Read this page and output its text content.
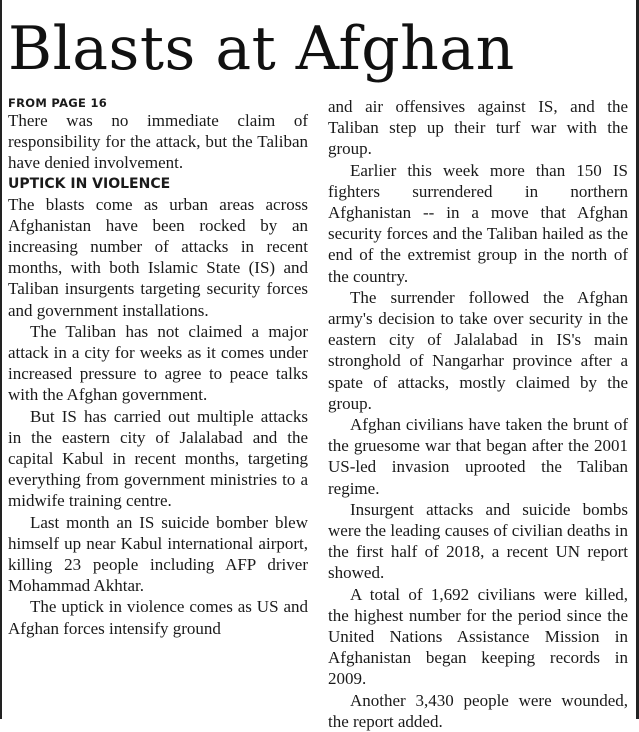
Blasts at Afghan
FROM PAGE 16

There was no immediate claim of responsibility for the attack, but the Taliban have denied involvement.

UPTICK IN VIOLENCE

The blasts come as urban areas across Afghanistan have been rocked by an increasing number of attacks in recent months, with both Islamic State (IS) and Taliban insurgents targeting security forces and government installations.

The Taliban has not claimed a major attack in a city for weeks as it comes under increased pressure to agree to peace talks with the Afghan government.

But IS has carried out multiple attacks in the eastern city of Jalalabad and the capital Kabul in recent months, targeting everything from government ministries to a midwife training centre.

Last month an IS suicide bomber blew himself up near Kabul international airport, killing 23 people including AFP driver Mohammad Akhtar.

The uptick in violence comes as US and Afghan forces intensify ground

and air offensives against IS, and the Taliban step up their turf war with the group.

Earlier this week more than 150 IS fighters surrendered in northern Afghanistan -- in a move that Afghan security forces and the Taliban hailed as the end of the extremist group in the north of the country.

The surrender followed the Afghan army's decision to take over security in the eastern city of Jalalabad in IS's main stronghold of Nangarhar province after a spate of attacks, mostly claimed by the group.

Afghan civilians have taken the brunt of the gruesome war that began after the 2001 US-led invasion uprooted the Taliban regime.

Insurgent attacks and suicide bombs were the leading causes of civilian deaths in the first half of 2018, a recent UN report showed.

A total of 1,692 civilians were killed, the highest number for the period since the United Nations Assistance Mission in Afghanistan began keeping records in 2009.

Another 3,430 people were wounded, the report added.
